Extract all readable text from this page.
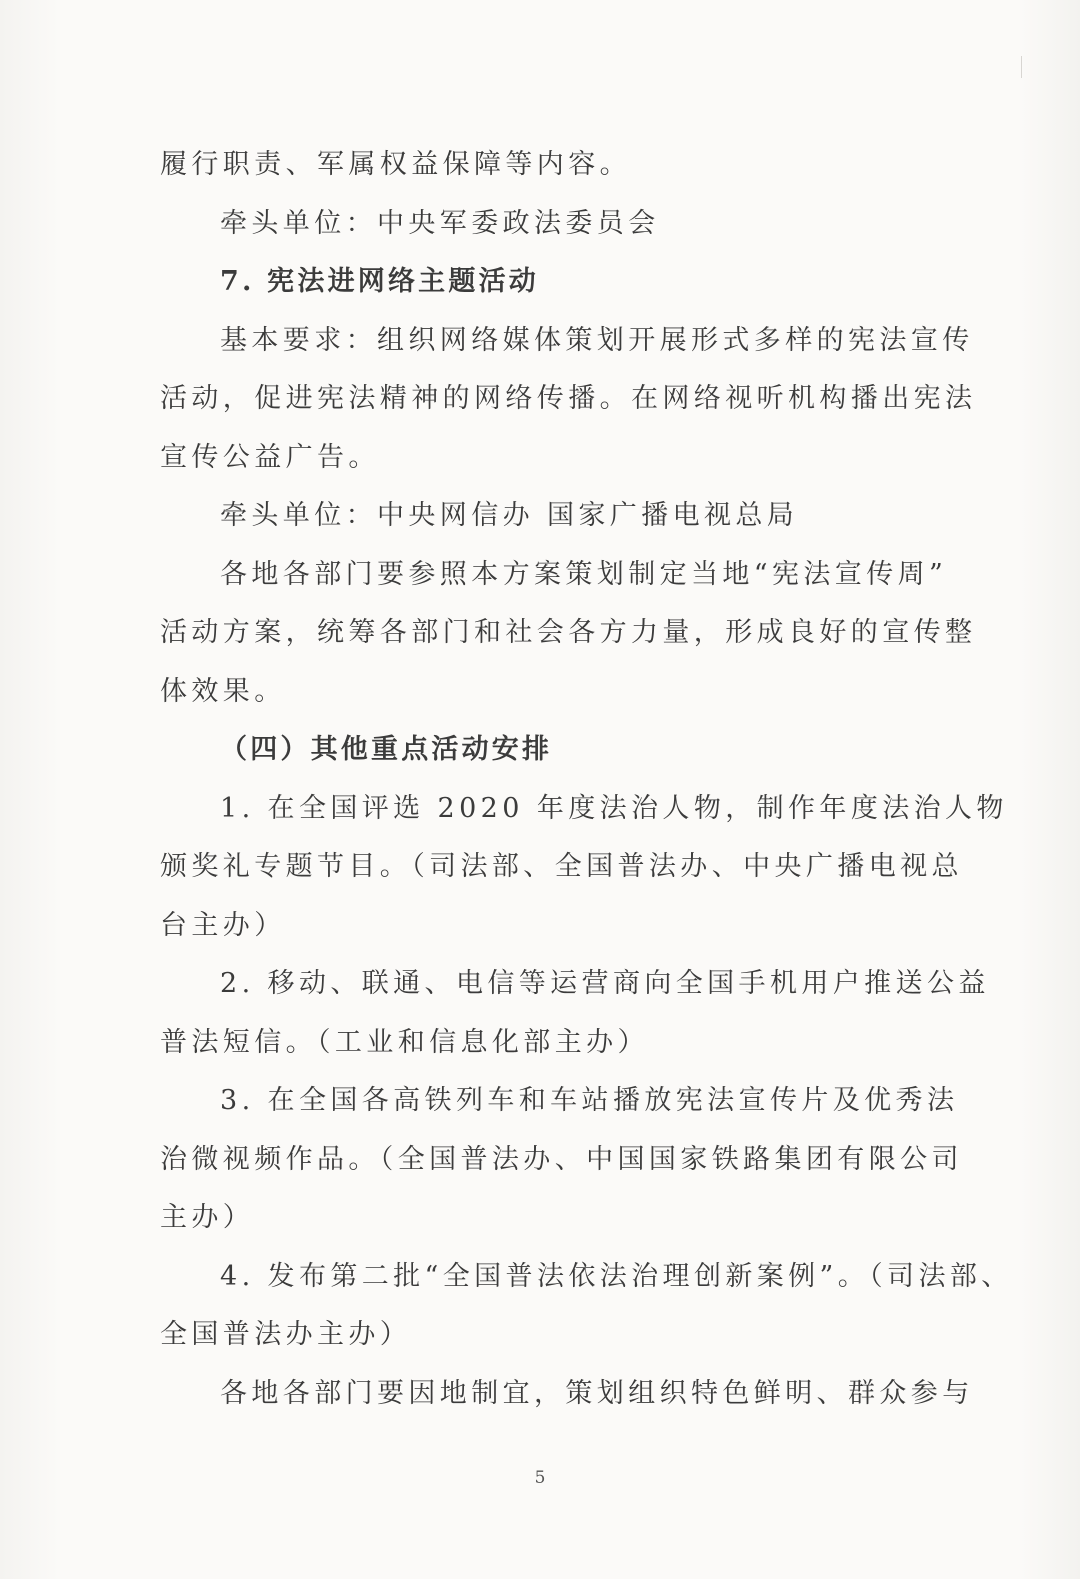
履行职责、军属权益保障等内容。
牵头单位：中央军委政法委员会
7. 宪法进网络主题活动
基本要求：组织网络媒体策划开展形式多样的宪法宣传
活动，促进宪法精神的网络传播。在网络视听机构播出宪法
宣传公益广告。
牵头单位：中央网信办 国家广播电视总局
各地各部门要参照本方案策划制定当地“宪法宣传周”
活动方案，统筹各部门和社会各方力量，形成良好的宣传整
体效果。
（四）其他重点活动安排
1. 在全国评选 2020 年度法治人物，制作年度法治人物
颁奖礼专题节目。（司法部、全国普法办、中央广播电视总
台主办）
2. 移动、联通、电信等运营商向全国手机用户推送公益
普法短信。（工业和信息化部主办）
3. 在全国各高铁列车和车站播放宪法宣传片及优秀法
治微视频作品。（全国普法办、中国国家铁路集团有限公司
主办）
4. 发布第二批“全国普法依法治理创新案例”。（司法部、
全国普法办主办）
各地各部门要因地制宜，策划组织特色鲜明、群众参与
5
